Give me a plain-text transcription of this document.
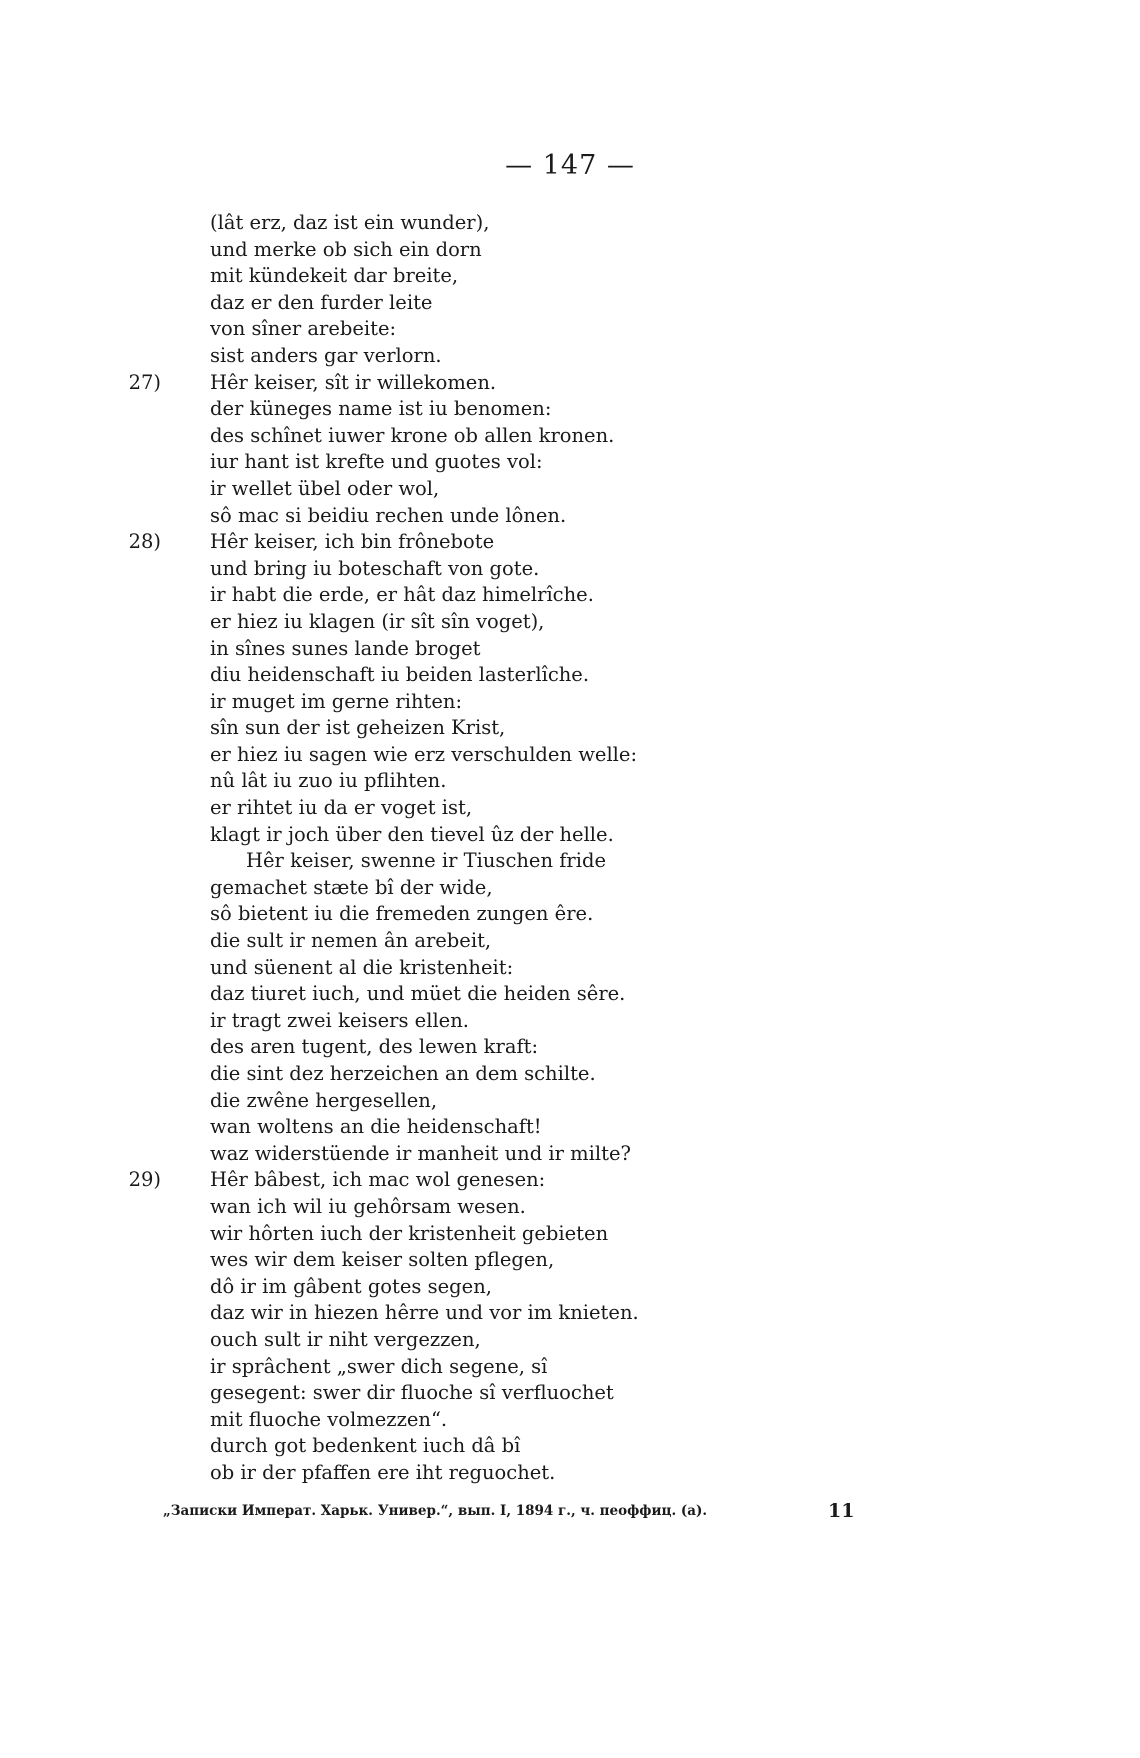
— 147 —
(lât erz, daz ist ein wunder),
und merke ob sich ein dorn
mit kündekeit dar breite,
daz er den furder leite
von sîner arebeite:
sist anders gar verlorn.
27)	Hêr keiser, sît ir willekomen.
der küneges name ist iu benomen:
des schînet iuwer krone ob allen kronen.
iur hant ist krefte und guotes vol:
ir wellet übel oder wol,
sô mac si beidiu rechen unde lônen.
28)	Hêr keiser, ich bin frônebote
und bring iu boteschaft von gote.
ir habt die erde, er hât daz himelrîche.
er hiez iu klagen (ir sît sîn voget),
in sînes sunes lande broget
diu heidenschaft iu beiden lasterlîche.
ir muget im gerne rihten:
sîn sun der ist geheizen Krist,
er hiez iu sagen wie erz verschulden welle:
nû lât iu zuo iu pflihten.
er rihtet iu da er voget ist,
klagt ir joch über den tievel ûz der helle.
Hêr keiser, swenne ir Tiuschen fride
gemachet stæte bî der wide,
sô bietent iu die fremeden zungen êre.
die sult ir nemen ân arebeit,
und süenent al die kristenheit:
daz tiuret iuch, und müet die heiden sêre.
ir tragt zwei keisers ellen.
des aren tugent, des lewen kraft:
die sint dez herzeichen an dem schilte.
die zwêne hergesellen,
wan woltens an die heidenschaft!
waz widerstüende ir manheit und ir milte?
29)	Hêr bâbest, ich mac wol genesen:
wan ich wil iu gehôrsam wesen.
wir hôrten iuch der kristenheit gebieten
wes wir dem keiser solten pflegen,
dô ir im gâbent gotes segen,
daz wir in hiezen hêrre und vor im knieten.
ouch sult ir niht vergezzen,
ir sprâchent „swer dich segene, sî
gesegent: swer dir fluoche sî verfluochet
mit fluoche volmezzen“.
durch got bedenkent iuch dâ bî
ob ir der pfaffen ere iht reguochet.
„Записки Императ. Харьк. Универ.“, вып. I, 1894 г., ч. пеоффиц. (а).	11
